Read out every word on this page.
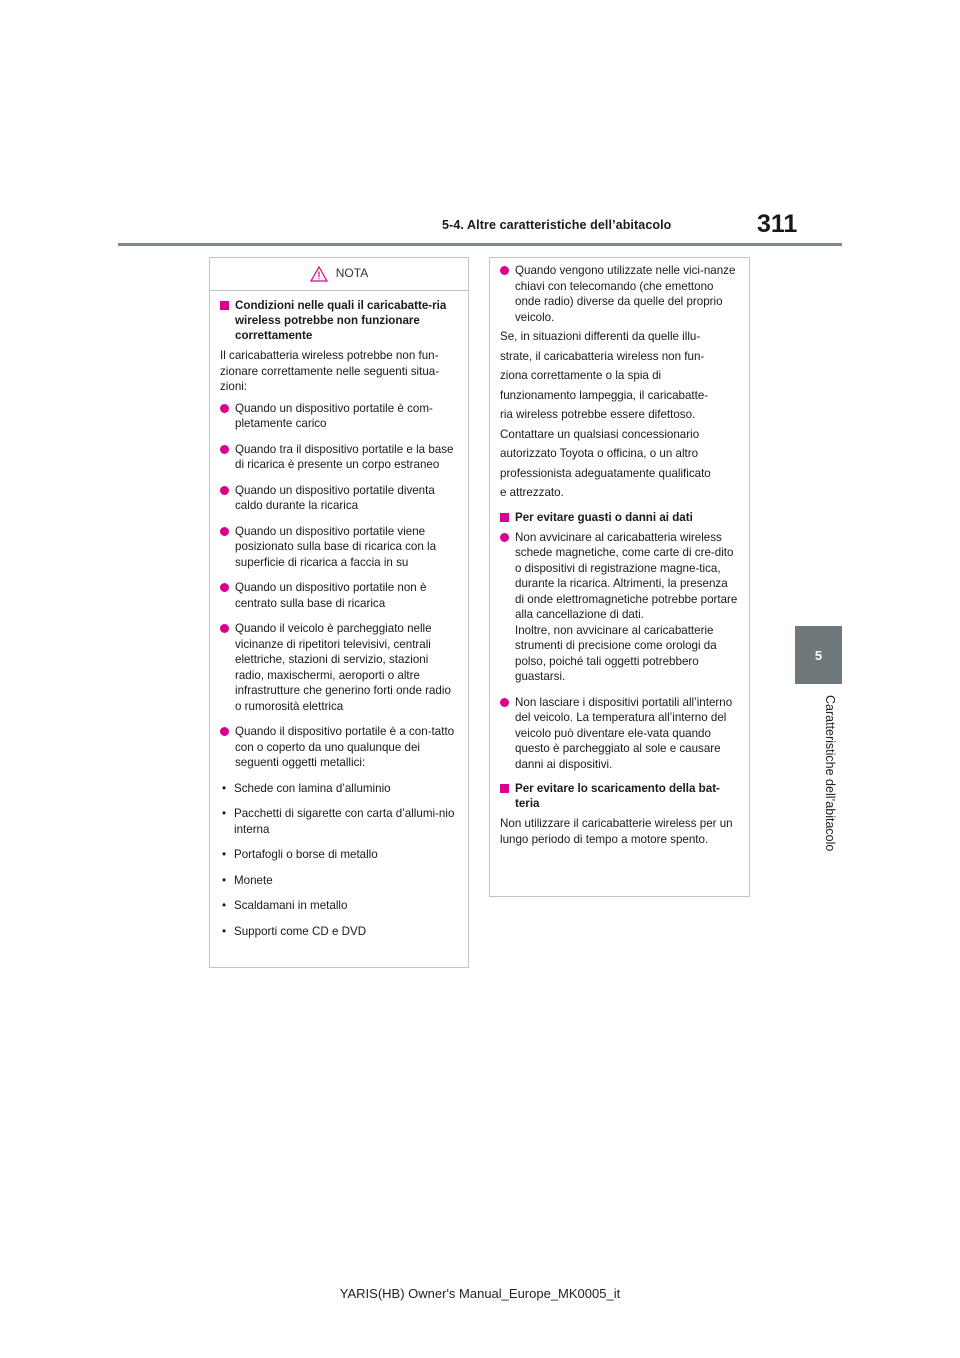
5-4. Altre caratteristiche dell’abitacolo	311
5
Caratteristiche dell’abitacolo
NOTA
Condizioni nelle quali il caricabatte-ria wireless potrebbe non funzionare correttamente

Il caricabatteria wireless potrebbe non fun-zionare correttamente nelle seguenti situa-zioni:

Quando un dispositivo portatile è com-pletamente carico
Quando tra il dispositivo portatile e la base di ricarica è presente un corpo estraneo
Quando un dispositivo portatile diventa caldo durante la ricarica
Quando un dispositivo portatile viene posizionato sulla base di ricarica con la superficie di ricarica a faccia in su
Quando un dispositivo portatile non è centrato sulla base di ricarica
Quando il veicolo è parcheggiato nelle vicinanze di ripetitori televisivi, centrali elettriche, stazioni di servizio, stazioni radio, maxischermi, aeroporti o altre infrastrutture che generino forti onde radio o rumorosità elettrica
Quando il dispositivo portatile è a con-tatto con o coperto da uno qualunque dei seguenti oggetti metallici:
• Schede con lamina d’alluminio
• Pacchetti di sigarette con carta d’allumi-nio interna
• Portafogli o borse di metallo
• Monete
• Scaldamani in metallo
• Supporti come CD e DVD
Quando vengono utilizzate nelle vici-nanze chiavi con telecomando (che emettono onde radio) diverse da quelle del proprio veicolo.
Se, in situazioni differenti da quelle illu-
strate, il caricabatteria wireless non fun-
ziona correttamente o la spia di
funzionamento lampeggia, il caricabatte-
ria wireless potrebbe essere difettoso.
Contattare un qualsiasi concessionario
autorizzato Toyota o officina, o un altro
professionista adeguatamente qualificato
e attrezzato.
Per evitare guasti o danni ai dati
Non avvicinare al caricabatteria wireless schede magnetiche, come carte di cre-dito o dispositivi di registrazione magne-tica, durante la ricarica. Altrimenti, la presenza di onde elettromagnetiche potrebbe portare alla cancellazione di dati.
Inoltre, non avvicinare al caricabatterie strumenti di precisione come orologi da polso, poiché tali oggetti potrebbero guastarsi.
Non lasciare i dispositivi portatili all’interno del veicolo. La temperatura all’interno del veicolo può diventare ele-vata quando questo è parcheggiato al sole e causare danni ai dispositivi.
Per evitare lo scaricamento della bat-teria

Non utilizzare il caricabatterie wireless per un lungo periodo di tempo a motore spento.

YARIS(HB) Owner's Manual_Europe_MK0005_it
